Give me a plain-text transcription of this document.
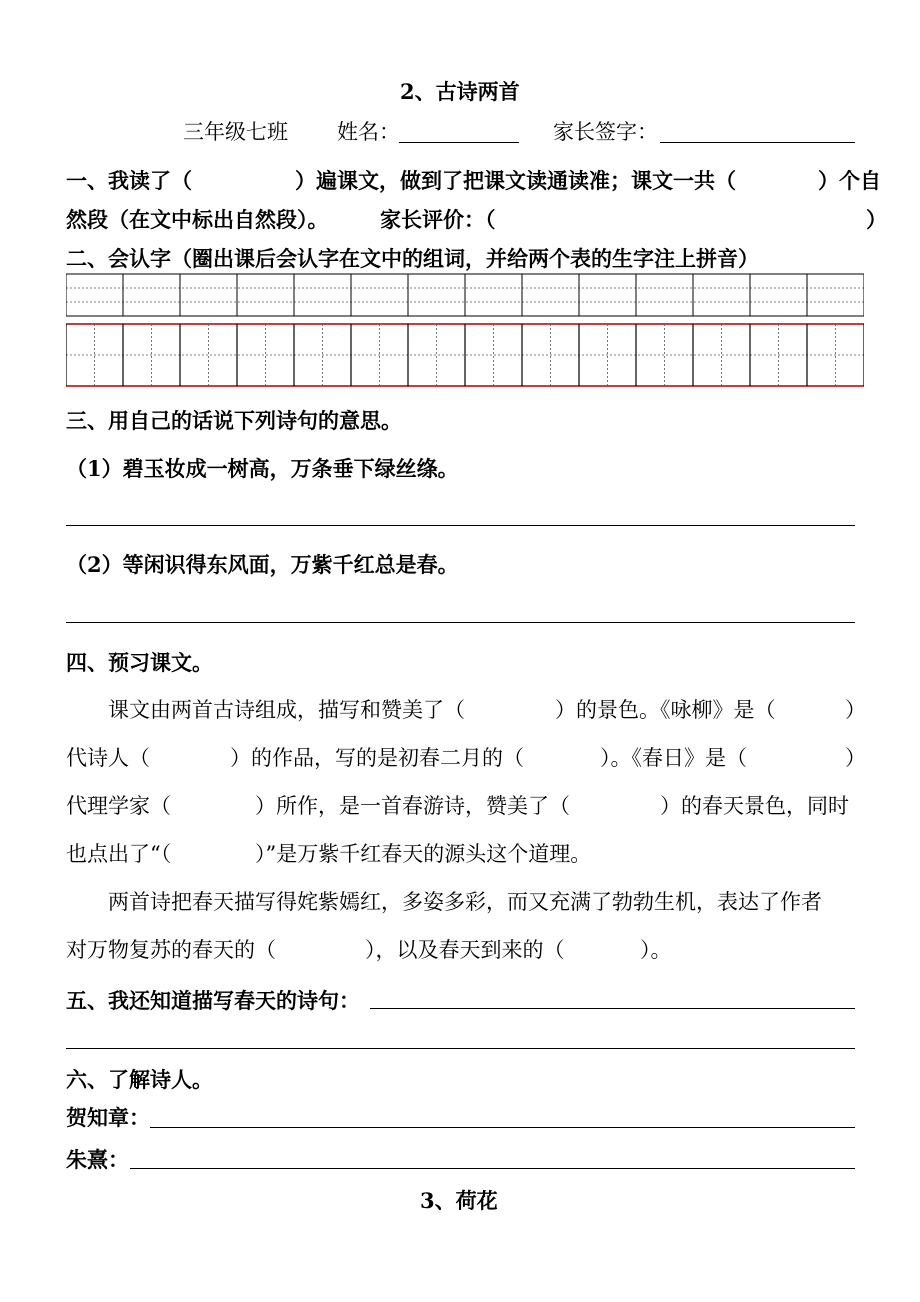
2、古诗两首
三年级七班 姓名：	家长签字：
一、我读了（	）遍课文，做到了把课文读通读准；课文一共（	）个自
然段（在文中标出自然段）。 家长评价：（	）
二、会认字（圈出课后会认字在文中的组词，并给两个表的生字注上拼音）
三、用自己的话说下列诗句的意思。
（1）碧玉妆成一树高，万条垂下绿丝绦。
（2）等闲识得东风面，万紫千红总是春。
四、预习课文。
课文由两首古诗组成，描写和赞美了（	）的景色。《咏柳》是（	）
代诗人（	）的作品，写的是初春二月的（	）。《春日》是（	）
代理学家（	）所作，是一首春游诗，赞美了（	）的春天景色，同时
也点出了“（	）”是万紫千红春天的源头这个道理。
两首诗把春天描写得姹紫嫣红，多姿多彩，而又充满了勃勃生机，表达了作者
对万物复苏的春天的（	），以及春天到来的（	）。
五、我还知道描写春天的诗句：
六、了解诗人。
贺知章：
朱熹：
3、荷花
